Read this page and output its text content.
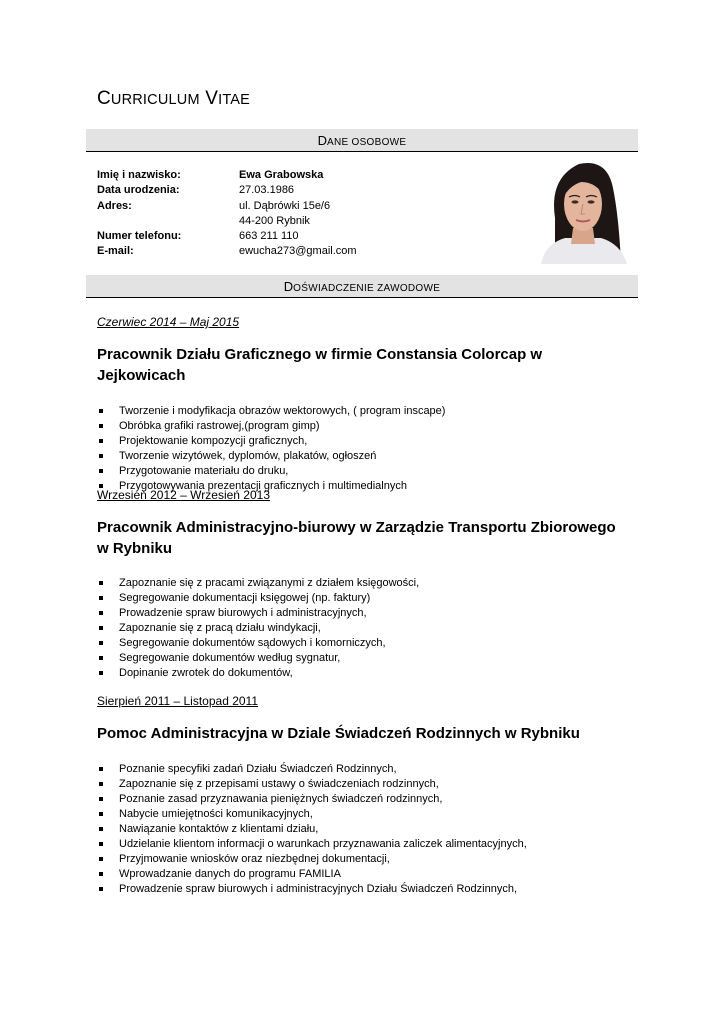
CURRICULUM VITAE
DANE OSOBOWE
Imię i nazwisko:	Ewa Grabowska
Data urodzenia:	27.03.1986
Adres:	ul. Dąbrówki 15e/6
44-200 Rybnik
Numer telefonu:	663 211 110
E-mail:	ewucha273@gmail.com
DOŚWIADCZENIE ZAWODOWE
Czerwiec 2014 – Maj 2015
Pracownik Działu Graficznego w firmie Constansia Colorcap w Jejkowicach
Tworzenie i modyfikacja obrazów wektorowych, ( program inscape)
Obróbka grafiki rastrowej,(program gimp)
Projektowanie kompozycji graficznych,
Tworzenie wizytówek, dyplomów, plakatów, ogłoszeń
Przygotowanie materiału do druku,
Przygotowywania prezentacji graficznych i multimedialnych
Wrzesień 2012 – Wrzesień 2013
Pracownik Administracyjno-biurowy w Zarządzie Transportu Zbiorowego w Rybniku
Zapoznanie się z pracami związanymi z działem księgowości,
Segregowanie dokumentacji księgowej (np. faktury)
Prowadzenie spraw biurowych i administracyjnych,
Zapoznanie się z pracą działu windykacji,
Segregowanie dokumentów sądowych i komorniczych,
Segregowanie dokumentów według sygnatur,
Dopinanie zwrotek do dokumentów,
Sierpień 2011 – Listopad 2011
Pomoc Administracyjna w Dziale Świadczeń Rodzinnych w Rybniku
Poznanie specyfiki zadań Działu Świadczeń Rodzinnych,
Zapoznanie się z przepisami ustawy o świadczeniach rodzinnych,
Poznanie zasad przyznawania pieniężnych świadczeń rodzinnych,
Nabycie umiejętności komunikacyjnych,
Nawiązanie kontaktów z klientami działu,
Udzielanie klientom informacji o warunkach przyznawania zaliczek alimentacyjnych,
Przyjmowanie wniosków oraz niezbędnej dokumentacji,
Wprowadzanie danych do programu FAMILIA
Prowadzenie spraw biurowych i administracyjnych Działu Świadczeń Rodzinnych,
